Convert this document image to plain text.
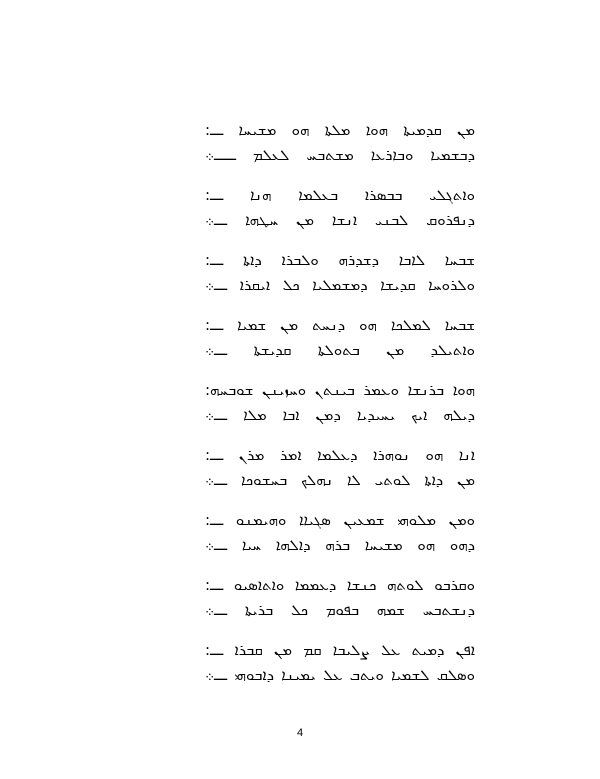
ܡܢ ܩܕܡܝܬܐ ܗܘܐ ܡܠܬܐ ܗܘ ܡܫܝܚܐ ـــ:
ܕܒܫܡܝܐ ܘܒܐܪܥܐ ܡܫܬܒܚ ܠܥܠܡ ـــــ܀
ܘܐܬܓܠܝ ܒܒܣܪܐ ܒܥܠܡܐ ܗܢܐ ـــ:
ܕܢܦܪܘܩ ܠܒܢܝ ܐܢܫܐ ܡܢ ܚܛܗܐ ـــ܀
ܫܒܚܐ ܠܐܒܐ ܕܫܕܪܗ ܘܠܒܪܐ ܕܐܬܐ ـــ:
ܘܠܪܘܚܐ ܩܕܝܫܐ ܕܡܫܡܠܝܐ ܟܠ ܐܝܩܪܐ ـــ܀
ܫܒܚܐ ܠܡܠܟܐ ܗܘ ܕܢܚܬ ܡܢ ܫܡܝܐ ـــ:
ܘܐܬܝܠܕ ܡܢ ܒܬܘܠܬܐ ܩܕܝܫܬܐ ـــ܀
ܗܘܐ ܒܪܢܫܐ ܘܥܡܪ ܒܝܢܬܢ ܘܚܙܝܢܢ ܫܘܒܚܗ:
ܕܝܠܗ ܐܝܟ ܝܚܝܕܝܐ ܕܡܢ ܐܒܐ ܡܠܐ ـــ܀
ܐܢܐ ܗܘ ܢܘܗܪܐ ܕܥܠܡܐ ܐܡܪ ܡܪܢ ـــ:
ܡܢ ܕܐܬܐ ܠܘܬܝ ܠܐ ܢܗܠܟ ܒܚܫܘܟܐ ـــ܀
ܘܡܢ ܡܠܘܗܝ ܫܡܥܝܢ ܣܓܝܐܐ ܘܗܝܡܢܘ ـــ:
ܕܗܘ ܗܘ ܡܫܝܚܐ ܒܪܗ ܕܐܠܗܐ ܚܝܐ ـــ܀
ܘܩܪܒܘ ܠܘܬܗ ܟܢܫܐ ܕܥܡܡܐ ܘܐܬܐܣܝܘ ـــ:
ܕܢܫܬܒܚ ܫܡܗ ܒܦܘܡ ܟܠ ܒܪܝܬܐ ـــ܀
ܐܦܢ ܕܡܝܬ ܥܠ ܨܠܝܒܐ ܩܡ ܡܢ ܩܒܪܐ ـــ:
ܘܣܠܩ ܠܫܡܝܐ ܘܝܬܒ ܥܠ ܝܡܝܢܐ ܕܐܒܘܗܝ ـــ܀
4
